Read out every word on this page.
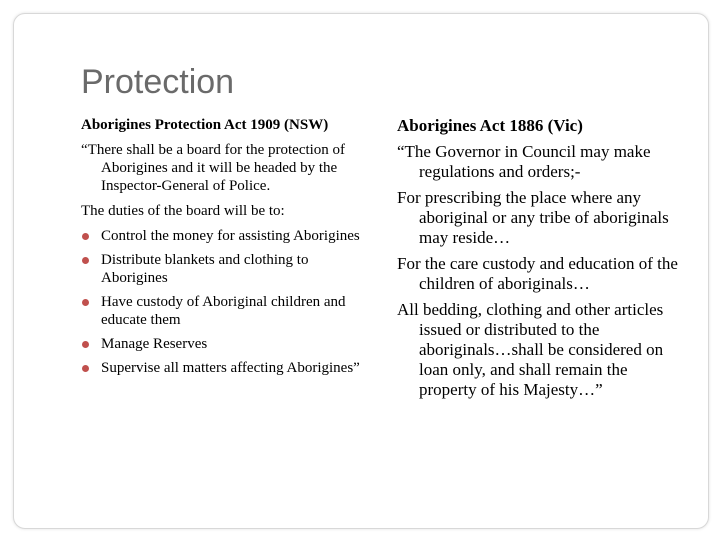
Protection

Aborigines Protection Act 1909 (NSW)

“There shall be a board for the protection of Aborigines and it will be headed by the Inspector-General of Police.

The duties of the board will be to:

Control the money for assisting Aborigines
Distribute blankets and clothing to Aborigines
Have custody of Aboriginal children and educate them
Manage Reserves
Supervise all matters affecting Aborigines”

Aborigines Act 1886 (Vic)

“The Governor in Council may make regulations and orders;-

For prescribing the place where any aboriginal or any tribe of aboriginals may reside…

For the care custody and education of the children of aboriginals…

All bedding, clothing and other articles issued or distributed to the aboriginals…shall be considered on loan only, and shall remain the property of his Majesty…”
